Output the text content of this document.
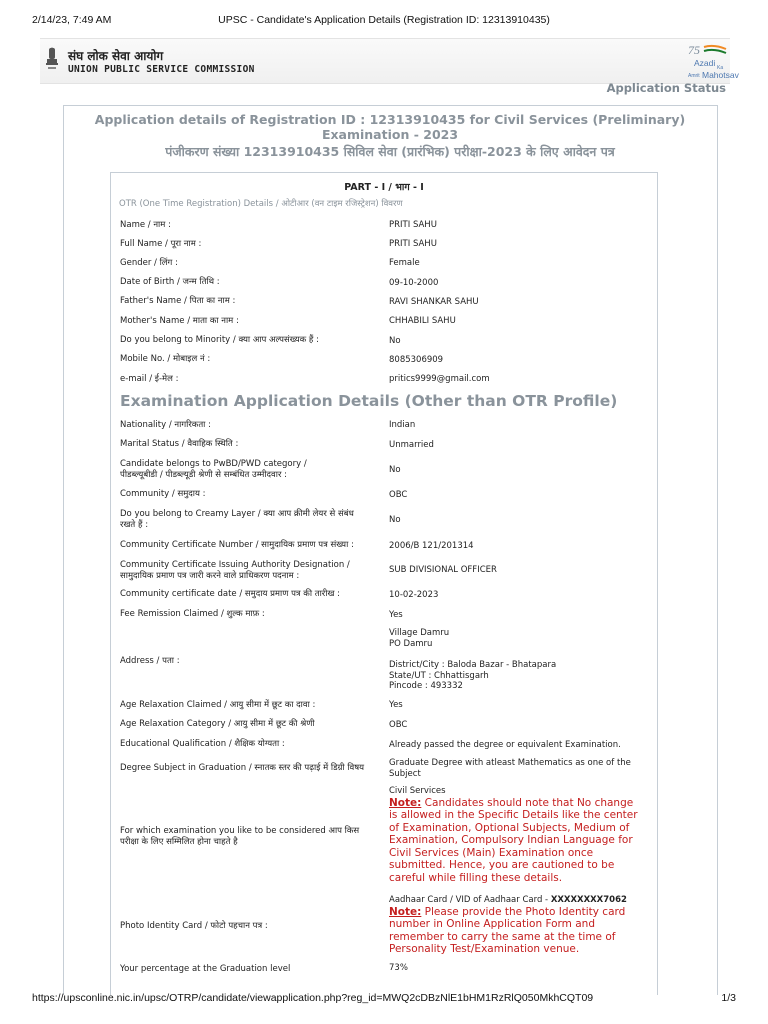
2/14/23, 7:49 AM	UPSC - Candidate's Application Details (Registration ID: 12313910435)
संघ लोक सेवा आयोग
UNION PUBLIC SERVICE COMMISSION
75
Azadi Ka
Amrit Mahotsav
Application Status
Application details of Registration ID : 12313910435 for Civil Services (Preliminary) Examination - 2023
पंजीकरण संख्या 12313910435 सिविल सेवा (प्रारंभिक) परीक्षा-2023 के लिए आवेदन पत्र
PART - I / भाग - I
OTR (One Time Registration) Details / ओटीआर (वन टाइम रजिस्ट्रेशन) विवरण
Name / नाम :	PRITI SAHU
Full Name / पूरा नाम :	PRITI SAHU
Gender / लिंग :	Female
Date of Birth / जन्म तिथि :	09-10-2000
Father's Name / पिता का नाम :	RAVI SHANKAR SAHU
Mother's Name / माता का नाम :	CHHABILI SAHU
Do you belong to Minority / क्या आप अल्पसंख्यक हैं :	No
Mobile No. / मोबाइल नं :	8085306909
e-mail / ई-मेल :	pritics9999@gmail.com
Examination Application Details (Other than OTR Profile)
Nationality / नागरिकता :	Indian
Marital Status / वैवाहिक स्थिति :	Unmarried
Candidate belongs to PwBD/PWD category / पीडब्ल्यूबीडी / पीडब्ल्यूडी श्रेणी से सम्बंधित उम्मीदवार :	No
Community / समुदाय :	OBC
Do you belong to Creamy Layer / क्या आप क्रीमी लेयर से संबंध रखते हैं :	No
Community Certificate Number / सामुदायिक प्रमाण पत्र संख्या :	2006/B 121/201314
Community Certificate Issuing Authority Designation / सामुदायिक प्रमाण पत्र जारी करने वाले प्राधिकरण पदनाम :
SUB DIVISIONAL OFFICER
Community certificate date / समुदाय प्रमाण पत्र की तारीख :	10-02-2023
Fee Remission Claimed / शुल्क माफ़ :	Yes
Address / पता :
Village Damru
PO Damru
District/City : Baloda Bazar - Bhatapara
State/UT : Chhattisgarh
Pincode : 493332
Age Relaxation Claimed / आयु सीमा में छूट का दावा :	Yes
Age Relaxation Category / आयु सीमा में छूट की श्रेणी	OBC
Educational Qualification / शैक्षिक योग्यता :	Already passed the degree or equivalent Examination.
Degree Subject in Graduation / स्नातक स्तर की पढ़ाई में डिग्री विषय	Graduate Degree with atleast Mathematics as one of the Subject
For which examination you like to be considered आप किस परीक्षा के लिए सम्मिलित होना चाहते है
Civil Services
Note: Candidates should note that No change is allowed in the Specific Details like the center of Examination, Optional Subjects, Medium of Examination, Compulsory Indian Language for Civil Services (Main) Examination once submitted. Hence, you are cautioned to be careful while filling these details.
Photo Identity Card / फोटो पहचान पत्र :
Aadhaar Card / VID of Aadhaar Card - XXXXXXXX7062
Note: Please provide the Photo Identity card number in Online Application Form and remember to carry the same at the time of Personality Test/Examination venue.
Your percentage at the Graduation level	73%
https://upsconline.nic.in/upsc/OTRP/candidate/viewapplication.php?reg_id=MWQ2cDBzNlE1bHM1RzRlQ050MkhCQT09	1/3
